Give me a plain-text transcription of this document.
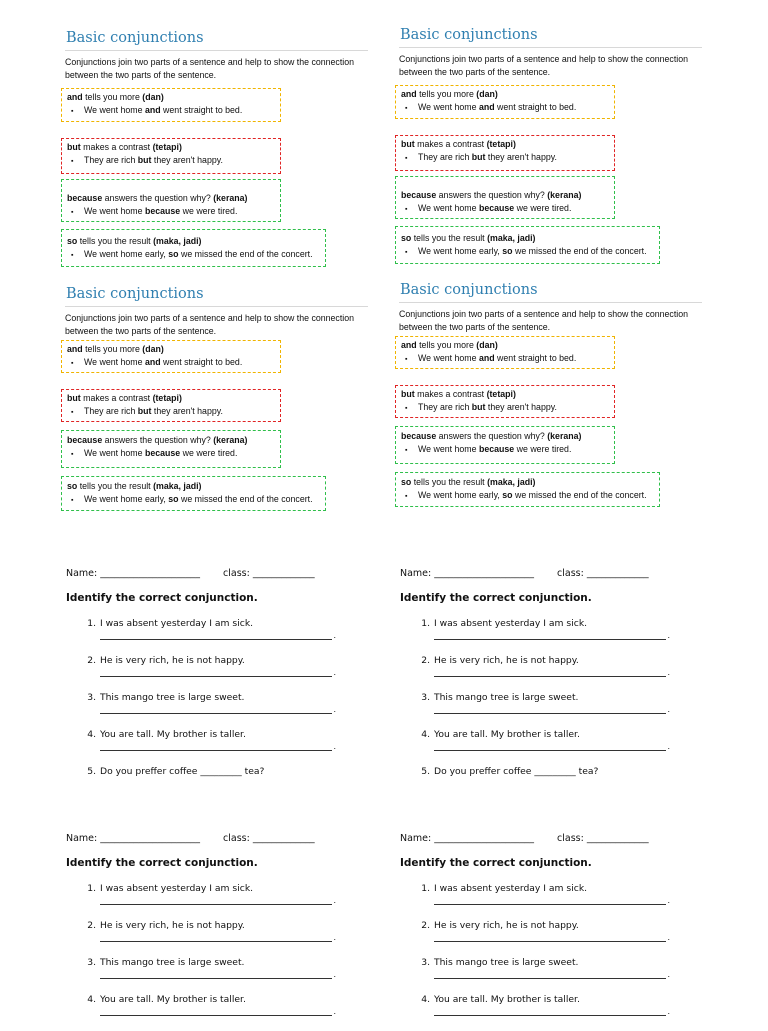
Basic conjunctions
Conjunctions join two parts of a sentence and help to show the connection between the two parts of the sentence.
and tells you more (dan)
▪ We went home and went straight to bed.
but makes a contrast (tetapi)
▪ They are rich but they aren't happy.
because answers the question why? (kerana)
▪ We went home because we were tired.
so tells you the result (maka, jadi)
▪ We went home early, so we missed the end of the concert.
Basic conjunctions
Conjunctions join two parts of a sentence and help to show the connection between the two parts of the sentence.
and tells you more (dan)
▪ We went home and went straight to bed.
but makes a contrast (tetapi)
▪ They are rich but they aren't happy.
because answers the question why? (kerana)
▪ We went home because we were tired.
so tells you the result (maka, jadi)
▪ We went home early, so we missed the end of the concert.
Basic conjunctions
Conjunctions join two parts of a sentence and help to show the connection between the two parts of the sentence.
and tells you more (dan)
▪ We went home and went straight to bed.
but makes a contrast (tetapi)
▪ They are rich but they aren't happy.
because answers the question why? (kerana)
▪ We went home because we were tired.
so tells you the result (maka, jadi)
▪ We went home early, so we missed the end of the concert.
Basic conjunctions
Conjunctions join two parts of a sentence and help to show the connection between the two parts of the sentence.
and tells you more (dan)
▪ We went home and went straight to bed.
but makes a contrast (tetapi)
▪ They are rich but they aren't happy.
because answers the question why? (kerana)
▪ We went home because we were tired.
so tells you the result (maka, jadi)
▪ We went home early, so we missed the end of the concert.
Name: _____________________ class: _____________
Identify the correct conjunction.
1. I was absent yesterday I am sick.
.
2. He is very rich, he is not happy.
.
3. This mango tree is large sweet.
.
4. You are tall. My brother is taller.
.
5. Do you preffer coffee _________ tea?
Name: _____________________ class: _____________
Identify the correct conjunction.
1. I was absent yesterday I am sick.
.
2. He is very rich, he is not happy.
.
3. This mango tree is large sweet.
.
4. You are tall. My brother is taller.
.
5. Do you preffer coffee _________ tea?
Name: _____________________ class: _____________
Identify the correct conjunction.
1. I was absent yesterday I am sick.
.
2. He is very rich, he is not happy.
.
3. This mango tree is large sweet.
.
4. You are tall. My brother is taller.
.
Name: _____________________ class: _____________
Identify the correct conjunction.
1. I was absent yesterday I am sick.
.
2. He is very rich, he is not happy.
.
3. This mango tree is large sweet.
.
4. You are tall. My brother is taller.
.
